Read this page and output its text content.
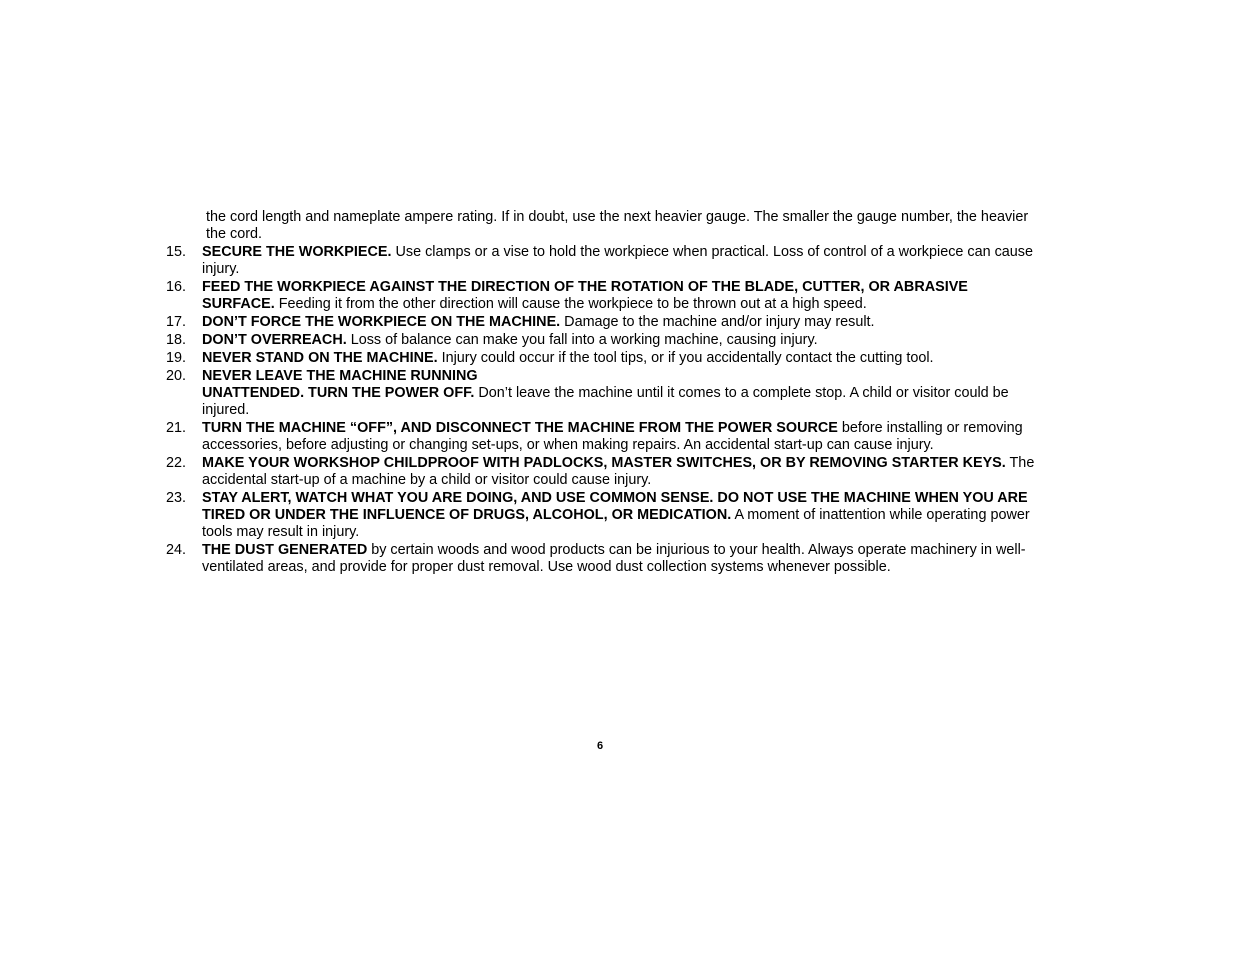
the cord length and nameplate ampere rating. If in doubt, use the next heavier gauge. The smaller the gauge number, the heavier the cord.

15.	SECURE THE WORKPIECE. Use clamps or a vise to hold the workpiece when practical. Loss of control of a workpiece can cause injury.
16.	FEED THE WORKPIECE AGAINST THE DIRECTION OF THE ROTATION OF THE BLADE, CUTTER, OR ABRASIVE SURFACE. Feeding it from the other direction will cause the workpiece to be thrown out at a high speed.
17.	DON’T FORCE THE WORKPIECE ON THE MACHINE. Damage to the machine and/or injury may result.
18.	DON’T OVERREACH. Loss of balance can make you fall into a working machine, causing injury.
19.	NEVER STAND ON THE MACHINE. Injury could occur if the tool tips, or if you accidentally contact the cutting tool.
20.	NEVER LEAVE THE MACHINE RUNNING
UNATTENDED. TURN THE POWER OFF. Don’t leave the machine until it comes to a complete stop. A child or visitor could be injured.
21.	TURN THE MACHINE “OFF”, AND DISCONNECT THE MACHINE FROM THE POWER SOURCE before installing or removing accessories, before adjusting or changing set-ups, or when making repairs. An accidental start-up can cause injury.
22.	MAKE YOUR WORKSHOP CHILDPROOF WITH PADLOCKS, MASTER SWITCHES, OR BY REMOVING STARTER KEYS. The accidental start-up of a machine by a child or visitor could cause injury.
23.	STAY ALERT, WATCH WHAT YOU ARE DOING, AND USE COMMON SENSE. DO NOT USE THE MACHINE WHEN YOU ARE TIRED OR UNDER THE INFLUENCE OF DRUGS, ALCOHOL, OR MEDICATION. A moment of inattention while operating power tools may result in injury.
24.	THE DUST GENERATED by certain woods and wood products can be injurious to your health. Always operate machinery in well-ventilated areas, and provide for proper dust removal. Use wood dust collection systems whenever possible.
6
